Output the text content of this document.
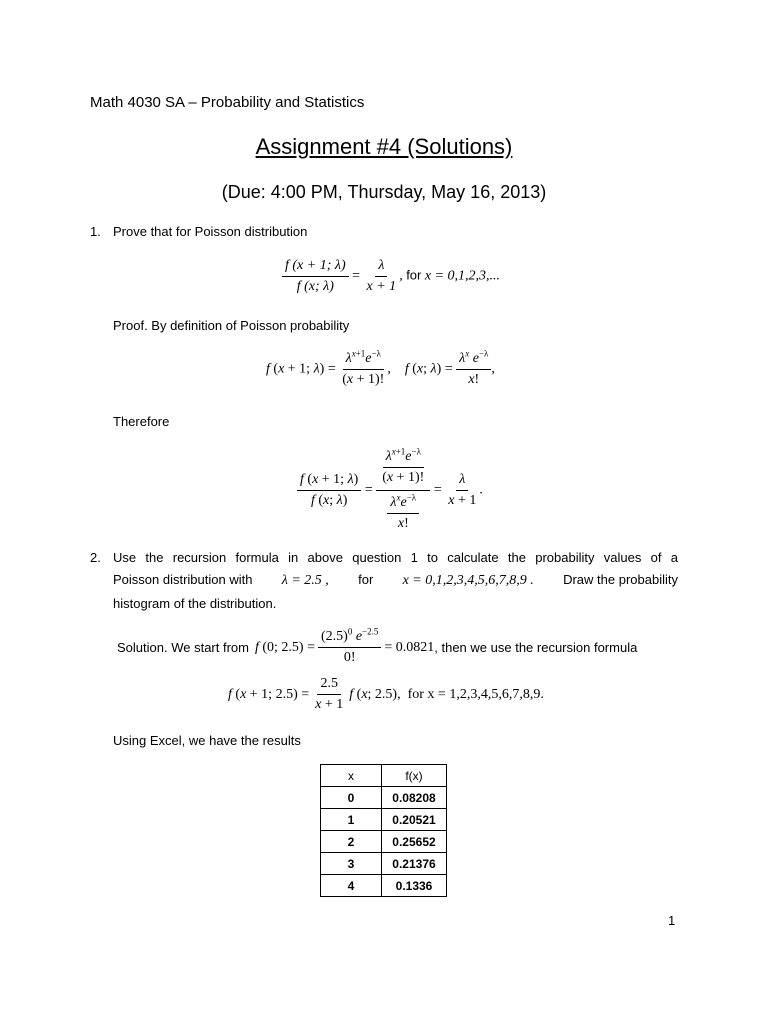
Math 4030 SA – Probability and Statistics
Assignment #4 (Solutions)
(Due: 4:00 PM, Thursday, May 16, 2013)
1. Prove that for Poisson distribution
$\frac{f (x + 1; \lambda)}{f (x; \lambda)} = \frac{\lambda}{x + 1}$ , for x = 0,1,2,3,...
Proof. By definition of Poisson probability
f (x + 1; $\lambda) = \frac{\lambda^{x+1}e^{-\lambda}}{(x + 1)!}$ ,    f (x; $\lambda) = \frac{\lambda^x e^{-\lambda}}{x!}$ ,
Therefore
$\frac{f (x + 1; \lambda)}{f (x; \lambda)} = \frac{\frac{\lambda^{x+1}e^{-\lambda}}{(x + 1)!}}{\frac{\lambda^xe^{-\lambda}}{x!}} = \frac{\lambda}{x + 1}$ .
2. Use the recursion formula in above question 1 to calculate the probability values of a
Poisson distribution with λ = 2.5 , for x = 0,1,2,3,4,5,6,7,8,9 . Draw the probability
histogram of the distribution.
Solution. We start from f (0; $2.5) = \frac{(2.5)^0 e^{-2.5}}{0!} = 0.0821$ , then we use the recursion formula
f (x + 1; $2.5) = \frac{2.5}{x + 1}$ f (x; 2.5), for x = 1,2,3,4,5,6,7,8,9.
Using Excel, we have the results
x	f(x)
0	0.08208
1	0.20521
2	0.25652
3	0.21376
4	0.1336
1
